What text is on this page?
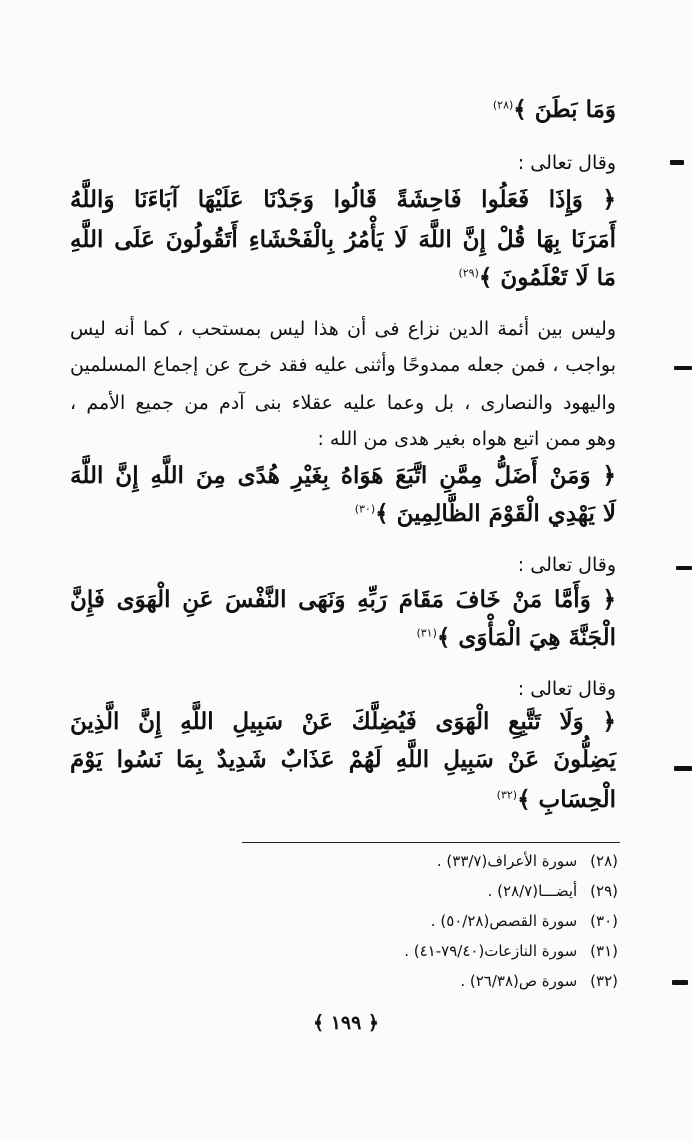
وَمَا بَطَنَ ﴾$^{(٢٨)}$
وقال تعالى :
﴿ وَإِذَا فَعَلُوا فَاحِشَةً قَالُوا وَجَدْنَا عَلَيْهَا آبَاءَنَا وَاللَّهُ
أَمَرَنَا بِهَا قُلْ إِنَّ اللَّهَ لَا يَأْمُرُ بِالْفَحْشَاءِ أَتَقُولُونَ عَلَى اللَّهِ
مَا لَا تَعْلَمُونَ ﴾$^{(٢٩)}$
وليس بين أئمة الدين نزاع فى أن هذا ليس بمستحب ، كما أنه ليس
بواجب ، فمن جعله ممدوحًا وأثنى عليه فقد خرج عن إجماع المسلمين
واليهود والنصارى ، بل وعما عليه عقلاء بنى آدم من جميع الأمم ،
وهو ممن اتبع هواه بغير هدى من الله :
﴿ وَمَنْ أَضَلُّ مِمَّنِ اتَّبَعَ هَوَاهُ بِغَيْرِ هُدًى مِنَ اللَّهِ إِنَّ اللَّهَ
لَا يَهْدِي الْقَوْمَ الظَّالِمِينَ ﴾$^{(٣٠)}$
وقال تعالى :
﴿ وَأَمَّا مَنْ خَافَ مَقَامَ رَبِّهِ وَنَهَى النَّفْسَ عَنِ الْهَوَى فَإِنَّ
الْجَنَّةَ هِيَ الْمَأْوَى ﴾$^{(٣١)}$
وقال تعالى :
﴿ وَلَا تَتَّبِعِ الْهَوَى فَيُضِلَّكَ عَنْ سَبِيلِ اللَّهِ إِنَّ الَّذِينَ
يَضِلُّونَ عَنْ سَبِيلِ اللَّهِ لَهُمْ عَذَابٌ شَدِيدٌ بِمَا نَسُوا يَوْمَ
الْحِسَابِ ﴾$^{(٣٢)}$
(٢٨) سورة الأعراف(٣٣/٧) .
(٢٩) أيضـــا(٢٨/٧) .
(٣٠) سورة القصص(٥٠/٢٨) .
(٣١) سورة النازعات(٧٩/٤٠-٤١) .
(٣٢) سورة ص(٢٦/٣٨) .
﴿ ١٩٩ ﴾
